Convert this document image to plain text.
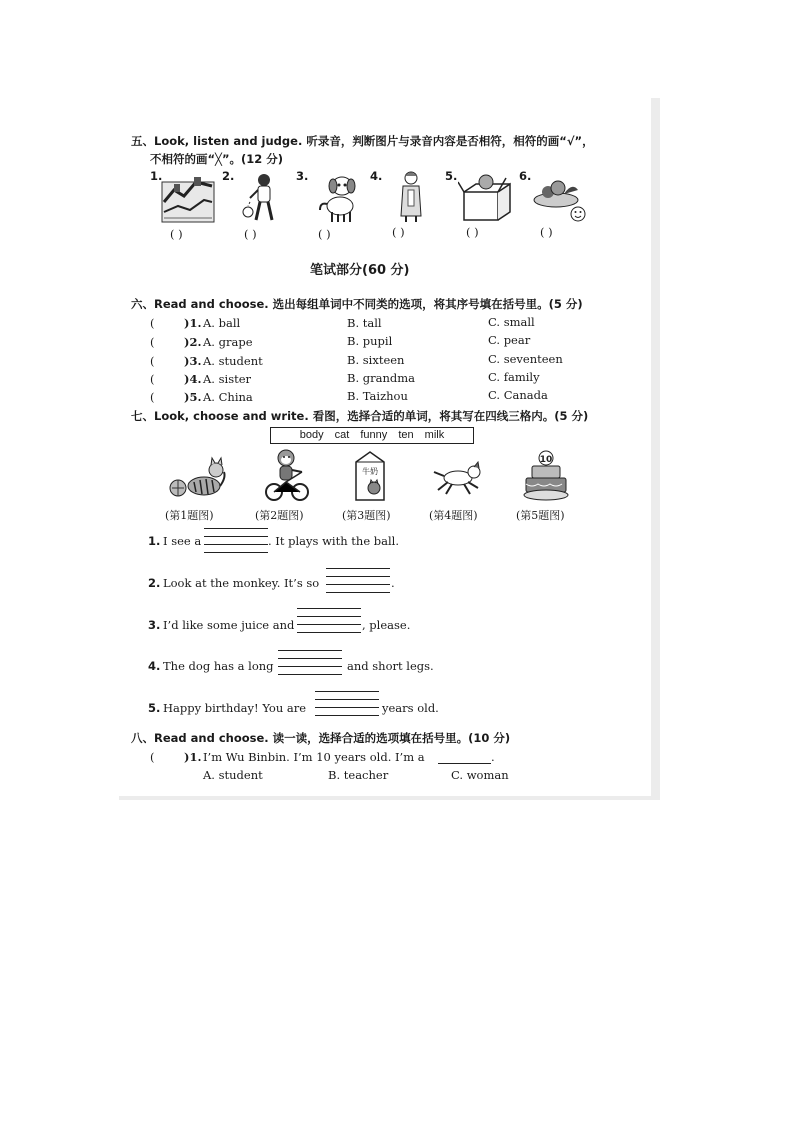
五、Look, listen and judge. 听录音，判断图片与录音内容是否相符，相符的画“√”，
不相符的画“╳”。(12 分)
1.	2.	3.	4.	5.	6.
( )	( )	( )	( )	( )	( )
笔试部分(60 分)
六、Read and choose. 选出每组单词中不同类的选项，将其序号填在括号里。(5 分)
(	)1. A. ball	B. tall	C. small
(	)2. A. grape	B. pupil	C. pear
(	)3. A. student	B. sixteen	C. seventeen
(	)4. A. sister	B. grandma	C. family
(	)5. A. China	B. Taizhou	C. Canada
七、Look, choose and write. 看图，选择合适的单词，将其写在四线三格内。(5 分)
body cat funny ten milk
牛奶
10
(第1题图)	(第2题图)	(第3题图)	(第4题图)	(第5题图)
1. I see a	. It plays with the ball.
2. Look at the monkey. It’s so	.
3. I’d like some juice and	, please.
4. The dog has a long	and short legs.
5. Happy birthday! You are	years old.
八、Read and choose. 读一读，选择合适的选项填在括号里。(10 分)
(	)1. I’m Wu Binbin. I’m 10 years old. I’m a	.
A. student	B. teacher	C. woman
